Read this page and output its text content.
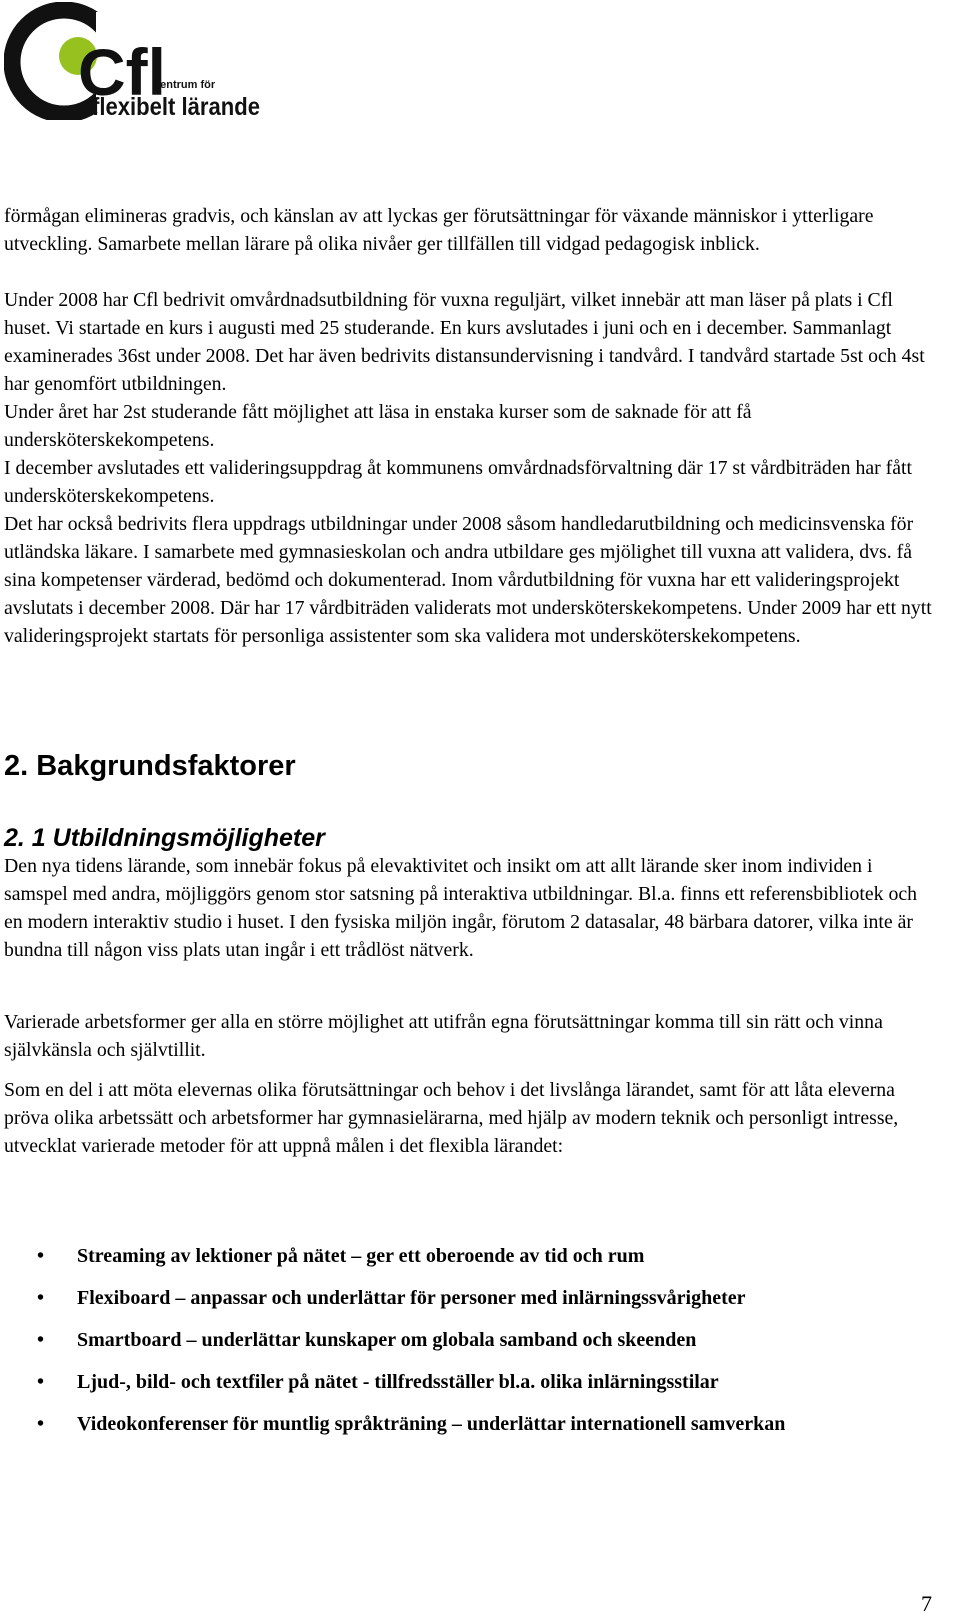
Cfl
centrum för
flexibelt lärande

förmågan elimineras gradvis, och känslan av att lyckas ger förutsättningar för växande människor i ytterligare utveckling. Samarbete mellan lärare på olika nivåer ger tillfällen till vidgad pedagogisk inblick.

Under 2008 har Cfl bedrivit omvårdnadsutbildning för vuxna reguljärt, vilket innebär att man läser på plats i Cfl huset. Vi startade en kurs i augusti med 25 studerande. En kurs avslutades i juni och en i december. Sammanlagt examinerades 36st under 2008. Det har även bedrivits distansundervisning i tandvård. I tandvård startade 5st och 4st har genomfört utbildningen.

Under året har 2st studerande fått möjlighet att läsa in enstaka kurser som de saknade för att få undersköterskekompetens.

I december avslutades ett valideringsuppdrag åt kommunens omvårdnadsförvaltning där 17 st vårdbiträden har fått undersköterskekompetens.

Det har också bedrivits flera uppdrags utbildningar under 2008 såsom handledarutbildning och medicinsvenska för utländska läkare. I samarbete med gymnasieskolan och andra utbildare ges mjölighet till vuxna att validera, dvs. få sina kompetenser värderad, bedömd och dokumenterad. Inom vårdutbildning för vuxna har ett valideringsprojekt avslutats i december 2008. Där har 17 vårdbiträden validerats mot undersköterskekompetens. Under 2009 har ett nytt valideringsprojekt startats för personliga assistenter som ska validera mot undersköterskekompetens.

2. Bakgrundsfaktorer
2. 1 Utbildningsmöjligheter

Den nya tidens lärande, som innebär fokus på elevaktivitet och insikt om att allt lärande sker inom individen i samspel med andra, möjliggörs genom stor satsning på interaktiva utbildningar. Bl.a. finns ett referensbibliotek och en modern interaktiv studio i huset. I den fysiska miljön ingår, förutom 2 datasalar, 48 bärbara datorer, vilka inte är bundna till någon viss plats utan ingår i ett trådlöst nätverk.

Varierade arbetsformer ger alla en större möjlighet att utifrån egna förutsättningar komma till sin rätt och vinna självkänsla och självtillit.

Som en del i att möta elevernas olika förutsättningar och behov i det livslånga lärandet, samt för att låta eleverna pröva olika arbetssätt och arbetsformer har gymnasielärarna, med hjälp av modern teknik och personligt intresse, utvecklat varierade metoder för att uppnå målen i det flexibla lärandet:

• Streaming av lektioner på nätet – ger ett oberoende av tid och rum
• Flexiboard – anpassar och underlättar för personer med inlärningssvårigheter
• Smartboard – underlättar kunskaper om globala samband och skeenden
• Ljud-, bild- och textfiler på nätet - tillfredsställer bl.a. olika inlärningsstilar
• Videokonferenser för muntlig språkträning – underlättar internationell samverkan
7
